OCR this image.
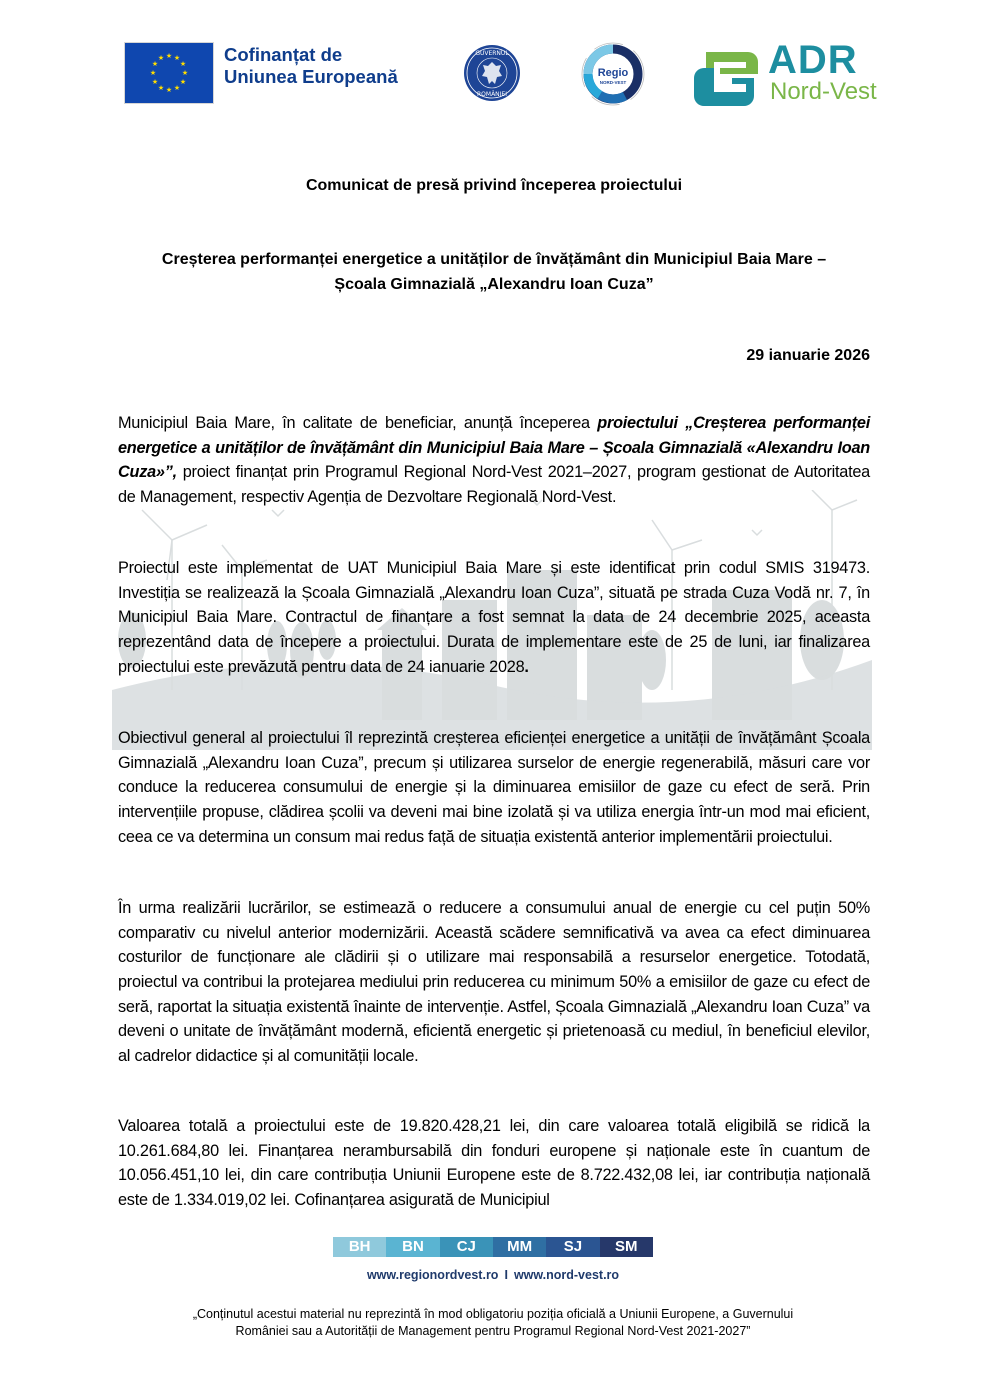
★ ★
★
★
★
★
★
★
★
★
★
★	Cofinanțat de
Uniunea Europeană
GUVERNUL
ROMÂNIEI
Regio
NORD-VEST
ADR
Nord-Vest
Comunicat de presă privind începerea proiectului
Creșterea performanței energetice a unităților de învățământ din Municipiul Baia Mare –
Școala Gimnazială „Alexandru Ioan Cuza”
29 ianuarie 2026

Municipiul Baia Mare, în calitate de beneficiar, anunță începerea proiectului „Creșterea performanței energetice a unităților de învățământ din Municipiul Baia Mare – Școala Gimnazială «Alexandru Ioan Cuza»”, proiect finanțat prin Programul Regional Nord-Vest 2021–2027, program gestionat de Autoritatea de Management, respectiv Agenția de Dezvoltare Regională Nord-Vest.

Proiectul este implementat de UAT Municipiul Baia Mare și este identificat prin codul SMIS 319473. Investiția se realizează la Școala Gimnazială „Alexandru Ioan Cuza”, situată pe strada Cuza Vodă nr. 7, în Municipiul Baia Mare. Contractul de finanțare a fost semnat la data de 24 decembrie 2025, aceasta reprezentând data de începere a proiectului. Durata de implementare este de 25 de luni, iar finalizarea proiectului este prevăzută pentru data de 24 ianuarie 2028.

Obiectivul general al proiectului îl reprezintă creșterea eficienței energetice a unității de învățământ Școala Gimnazială „Alexandru Ioan Cuza”, precum și utilizarea surselor de energie regenerabilă, măsuri care vor conduce la reducerea consumului de energie și la diminuarea emisiilor de gaze cu efect de seră. Prin intervențiile propuse, clădirea școlii va deveni mai bine izolată și va utiliza energia într-un mod mai eficient, ceea ce va determina un consum mai redus față de situația existentă anterior implementării proiectului.

În urma realizării lucrărilor, se estimează o reducere a consumului anual de energie cu cel puțin 50% comparativ cu nivelul anterior modernizării. Această scădere semnificativă va avea ca efect diminuarea costurilor de funcționare ale clădirii și o utilizare mai responsabilă a resurselor energetice. Totodată, proiectul va contribui la protejarea mediului prin reducerea cu minimum 50% a emisiilor de gaze cu efect de seră, raportat la situația existentă înainte de intervenție. Astfel, Școala Gimnazială „Alexandru Ioan Cuza” va deveni o unitate de învățământ modernă, eficientă energetic și prietenoasă cu mediul, în beneficiul elevilor, al cadrelor didactice și al comunității locale.

Valoarea totală a proiectului este de 19.820.428,21 lei, din care valoarea totală eligibilă se ridică la 10.261.684,80 lei. Finanțarea nerambursabilă din fonduri europene și naționale este în cuantum de 10.056.451,10 lei, din care contribuția Uniunii Europene este de 8.722.432,08 lei, iar contribuția națională este de 1.334.019,02 lei. Cofinanțarea asigurată de Municipiul

BH	BN	CJ	MM	SJ	SM
www.regionordvest.ro I www.nord-vest.ro
„Conținutul acestui material nu reprezintă în mod obligatoriu poziția oficială a Uniunii Europene, a Guvernului
României sau a Autorității de Management pentru Programul Regional Nord-Vest 2021-2027”
